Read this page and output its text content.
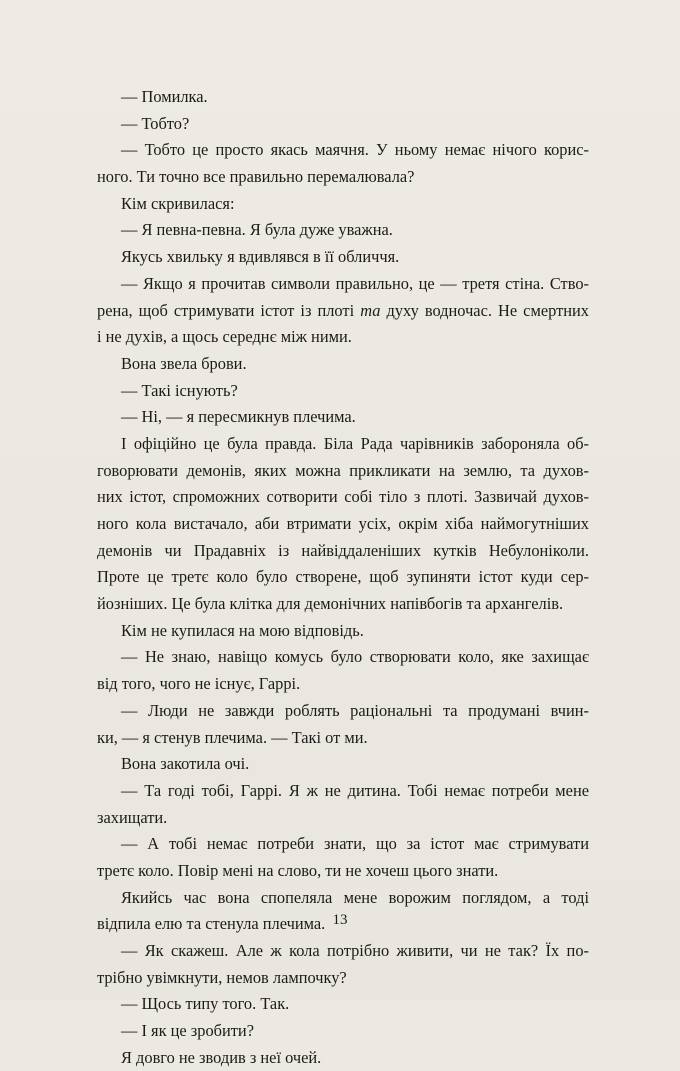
— Помилка.
— Тобто?
— Тобто це просто якась маячня. У ньому немає нічого корис-
ного. Ти точно все правильно перемалювала?
Кім скривилася:
— Я певна-певна. Я була дуже уважна.
Якусь хвильку я вдивлявся в її обличчя.
— Якщо я прочитав символи правильно, це — третя стіна. Ство-
рена, щоб стримувати істот із плоті та духу водночас. Не смертних
і не духів, а щось середнє між ними.
Вона звела брови.
— Такі існують?
— Ні, — я пересмикнув плечима.
І офіційно це була правда. Біла Рада чарівників забороняла об-
говорювати демонів, яких можна прикликати на землю, та духов-
них істот, спроможних сотворити собі тіло з плоті. Зазвичай духов-
ного кола вистачало, аби втримати усіх, окрім хіба наймогутніших
демонів чи Прадавніх із найвіддаленіших кутків Небулоніколи.
Проте це третє коло було створене, щоб зупиняти істот куди сер-
йозніших. Це була клітка для демонічних напівбогів та архангелів.
Кім не купилася на мою відповідь.
— Не знаю, навіщо комусь було створювати коло, яке захищає
від того, чого не існує, Гаррі.
— Люди не завжди роблять раціональні та продумані вчин-
ки, — я стенув плечима. — Такі от ми.
Вона закотила очі.
— Та годі тобі, Гаррі. Я ж не дитина. Тобі немає потреби мене
захищати.
— А тобі немає потреби знати, що за істот має стримувати
третє коло. Повір мені на слово, ти не хочеш цього знати.
Якийсь час вона спопеляла мене ворожим поглядом, а тоді
відпила елю та стенула плечима.
— Як скажеш. Але ж кола потрібно живити, чи не так? Їх по-
трібно увімкнути, немов лампочку?
— Щось типу того. Так.
— І як це зробити?
Я довго не зводив з неї очей.
13
